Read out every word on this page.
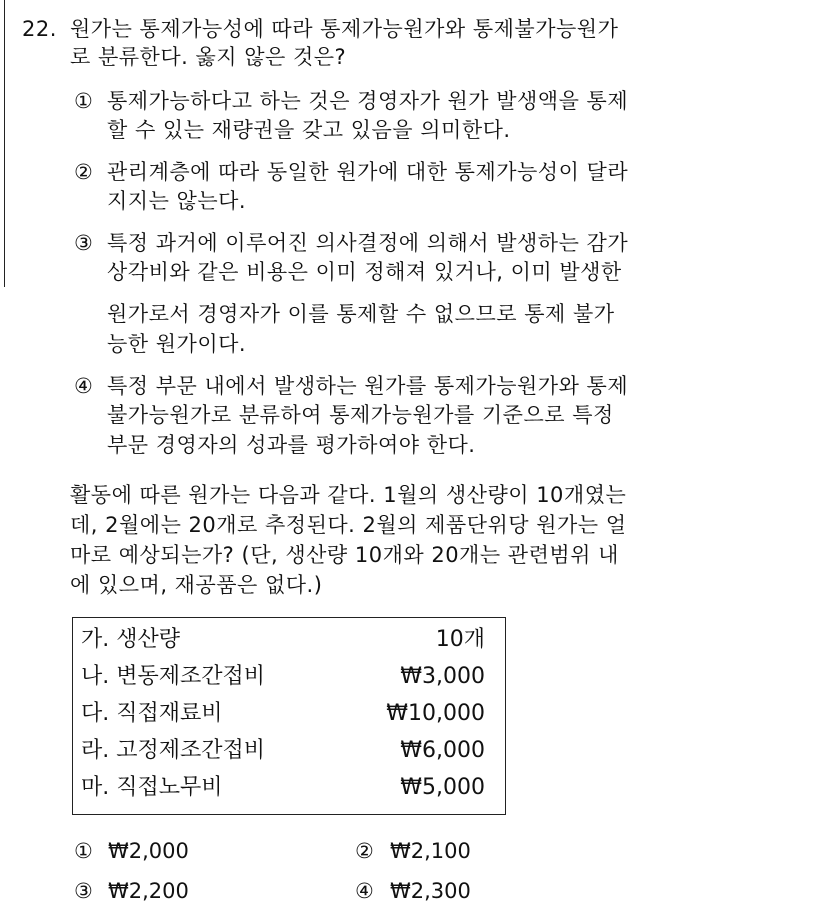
22. 원가는 통제가능성에 따라 통제가능원가와 통제불가능원가
로 분류한다. 옳지 않은 것은?
① 통제가능하다고 하는 것은 경영자가 원가 발생액을 통제
할 수 있는 재량권을 갖고 있음을 의미한다.
② 관리계층에 따라 동일한 원가에 대한 통제가능성이 달라
지지는 않는다.
③ 특정 과거에 이루어진 의사결정에 의해서 발생하는 감가
상각비와 같은 비용은 이미 정해져 있거나, 이미 발생한
원가로서 경영자가 이를 통제할 수 없으므로 통제 불가
능한 원가이다.
④ 특정 부문 내에서 발생하는 원가를 통제가능원가와 통제
불가능원가로 분류하여 통제가능원가를 기준으로 특정
부문 경영자의 성과를 평가하여야 한다.
활동에 따른 원가는 다음과 같다. 1월의 생산량이 10개였는
데, 2월에는 20개로 추정된다. 2월의 제품단위당 원가는 얼
마로 예상되는가? (단, 생산량 10개와 20개는 관련범위 내
에 있으며, 재공품은 없다.)
가. 생산량	10개
나. 변동제조간접비	₩3,000
다. 직접재료비	₩10,000
라. 고정제조간접비	₩6,000
마. 직접노무비	₩5,000
① ₩2,000	② ₩2,100
③ ₩2,200	④ ₩2,300
